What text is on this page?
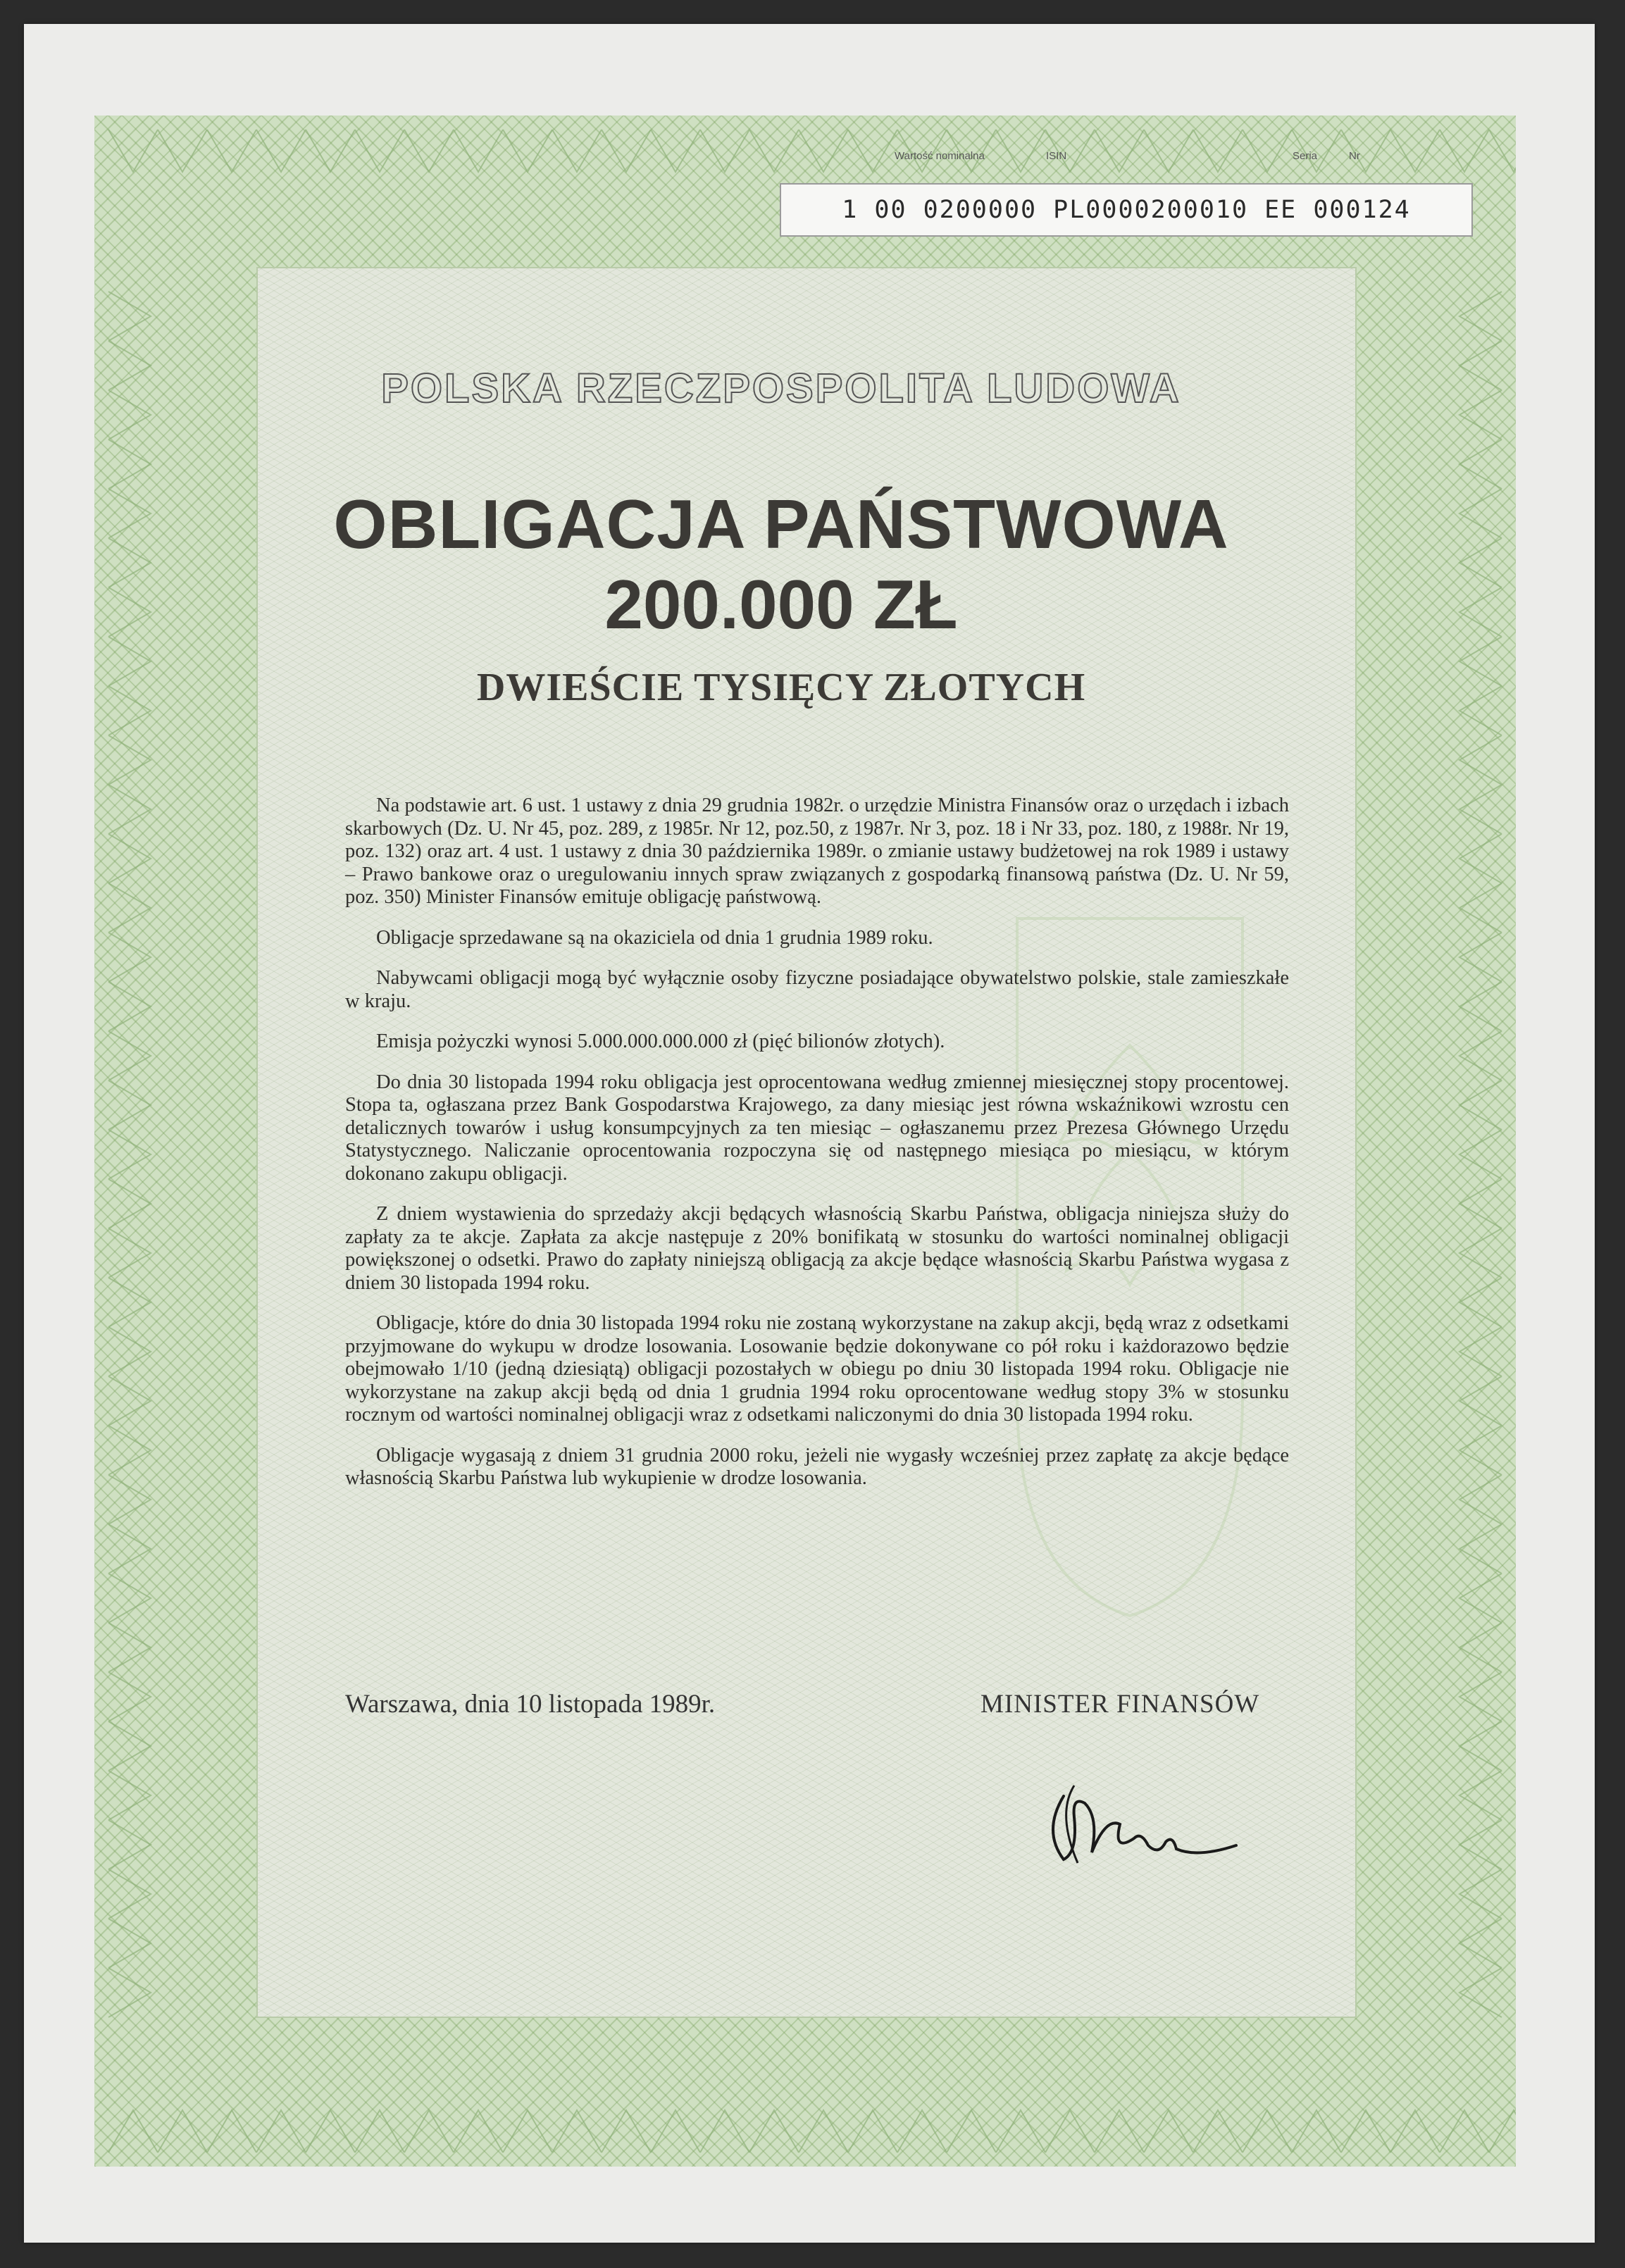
Wartość nominalna	ISIN	Seria	Nr
1 00 0200000 PL0000200010 EE 000124
POLSKA RZECZPOSPOLITA LUDOWA
OBLIGACJA PAŃSTWOWA
200.000 ZŁ
DWIEŚCIE TYSIĘCY ZŁOTYCH

Na podstawie art. 6 ust. 1 ustawy z dnia 29 grudnia 1982r. o urzędzie Ministra Finansów oraz o urzędach i izbach skarbowych (Dz. U. Nr 45, poz. 289, z 1985r. Nr 12, poz.50, z 1987r. Nr 3, poz. 18 i Nr 33, poz. 180, z 1988r. Nr 19, poz. 132) oraz art. 4 ust. 1 ustawy z dnia 30 października 1989r. o zmianie ustawy budżetowej na rok 1989 i ustawy – Prawo bankowe oraz o uregulowaniu innych spraw związanych z gospodarką finansową państwa (Dz. U. Nr 59, poz. 350) Minister Finansów emituje obligację państwową.

Obligacje sprzedawane są na okaziciela od dnia 1 grudnia 1989 roku.

Nabywcami obligacji mogą być wyłącznie osoby fizyczne posiadające obywatelstwo polskie, stale zamieszkałe w kraju.

Emisja pożyczki wynosi 5.000.000.000.000 zł (pięć bilionów złotych).

Do dnia 30 listopada 1994 roku obligacja jest oprocentowana według zmiennej miesięcznej stopy procentowej. Stopa ta, ogłaszana przez Bank Gospodarstwa Krajowego, za dany miesiąc jest równa wskaźnikowi wzrostu cen detalicznych towarów i usług konsumpcyjnych za ten miesiąc – ogłaszanemu przez Prezesa Głównego Urzędu Statystycznego. Naliczanie oprocentowania rozpoczyna się od następnego miesiąca po miesiącu, w którym dokonano zakupu obligacji.

Z dniem wystawienia do sprzedaży akcji będących własnością Skarbu Państwa, obligacja niniejsza służy do zapłaty za te akcje. Zapłata za akcje następuje z 20% bonifikatą w stosunku do wartości nominalnej obligacji powiększonej o odsetki. Prawo do zapłaty niniejszą obligacją za akcje będące własnością Skarbu Państwa wygasa z dniem 30 listopada 1994 roku.

Obligacje, które do dnia 30 listopada 1994 roku nie zostaną wykorzystane na zakup akcji, będą wraz z odsetkami przyjmowane do wykupu w drodze losowania. Losowanie będzie dokonywane co pół roku i każdorazowo będzie obejmowało 1/10 (jedną dziesiątą) obligacji pozostałych w obiegu po dniu 30 listopada 1994 roku. Obligacje nie wykorzystane na zakup akcji będą od dnia 1 grudnia 1994 roku oprocentowane według stopy 3% w stosunku rocznym od wartości nominalnej obligacji wraz z odsetkami naliczonymi do dnia 30 listopada 1994 roku.

Obligacje wygasają z dniem 31 grudnia 2000 roku, jeżeli nie wygasły wcześniej przez zapłatę za akcje będące własnością Skarbu Państwa lub wykupienie w drodze losowania.

Warszawa, dnia 10 listopada 1989r.	MINISTER FINANSÓW
